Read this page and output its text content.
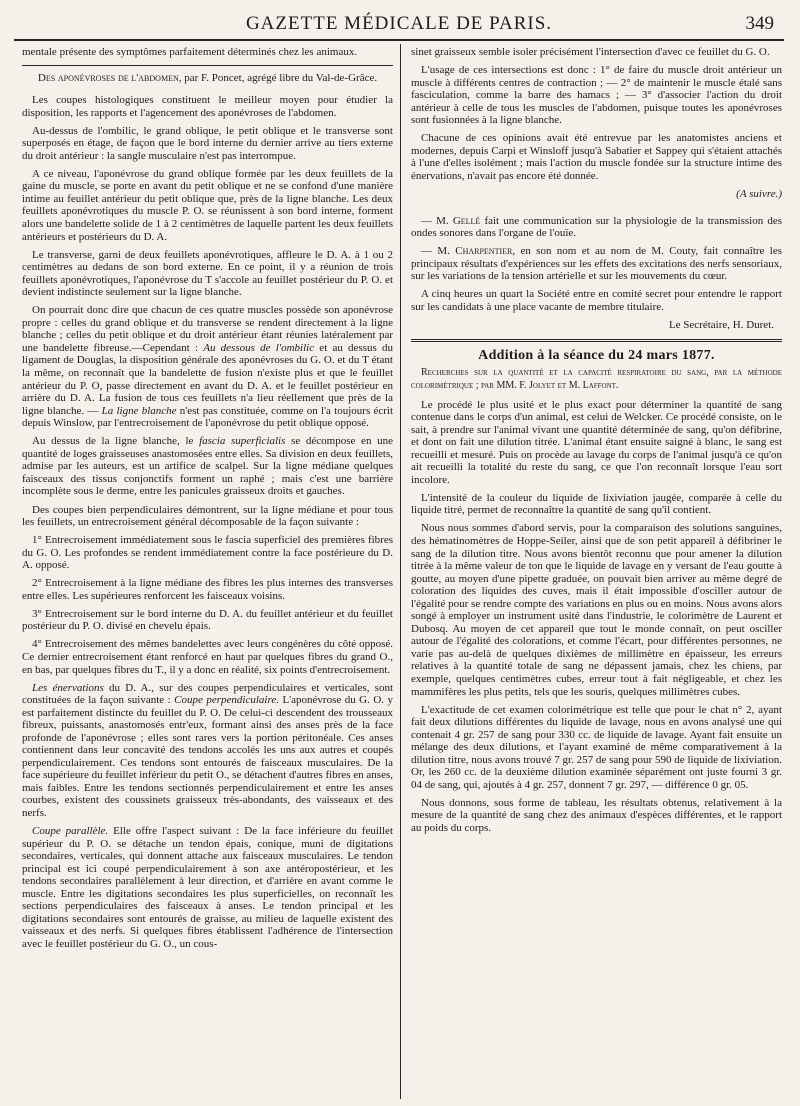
GAZETTE MÉDICALE DE PARIS.	349

mentale présente des symptômes parfaitement déterminés chez les animaux.

Des aponévroses de l'abdomen, par F. Poncet, agrégé libre du Val-de-Grâce.

Les coupes histologiques constituent le meilleur moyen pour étudier la disposition, les rapports et l'agencement des aponévroses de l'abdomen.

Au-dessus de l'ombilic, le grand oblique, le petit oblique et le transverse sont superposés en étage, de façon que le bord interne du dernier arrive au tiers externe du droit antérieur : la sangle musculaire n'est pas interrompue.

A ce niveau, l'aponévrose du grand oblique formée par les deux feuillets de la gaine du muscle, se porte en avant du petit oblique et ne se confond d'une manière intime au feuillet antérieur du petit oblique que, près de la ligne blanche. Les deux feuillets aponévrotiques du muscle P. O. se réunissent à son bord interne, forment alors une bandelette solide de 1 à 2 centimètres de laquelle partent les deux feuillets antérieurs et postérieurs du D. A.

Le transverse, garni de deux feuillets aponévrotiques, affleure le D. A. à 1 ou 2 centimètres au dedans de son bord externe. En ce point, il y a réunion de trois feuillets aponévrotiques, l'aponévrose du T s'accole au feuillet postérieur du P. O. et devient indistincte seulement sur la ligne blanche.

On pourrait donc dire que chacun de ces quatre muscles possède son aponévrose propre : celles du grand oblique et du transverse se rendent directement à la ligne blanche ; celles du petit oblique et du droit antérieur étant réunies latéralement par une bandelette fibreuse.—Cependant : Au dessous de l'ombilic et au dessus du ligament de Douglas, la disposition générale des aponévroses du G. O. et du T étant la même, on reconnaît que la bandelette de fusion n'existe plus et que le feuillet antérieur du P. O, passe directement en avant du D. A. et le feuillet postérieur en arrière du D. A. La fusion de tous ces feuillets n'a lieu réellement que près de la ligne blanche. — La ligne blanche n'est pas constituée, comme on l'a toujours écrit depuis Winslow, par l'entrecroisement de l'aponévrose du petit oblique opposé.

Au dessus de la ligne blanche, le fascia superficialis se décompose en une quantité de loges graisseuses anastomosées entre elles. Sa division en deux feuillets, admise par les auteurs, est un artifice de scalpel. Sur la ligne médiane quelques faisceaux des tissus conjonctifs forment un raphé ; mais c'est une barrière incomplète sous le derme, entre les panicules graisseux droits et gauches.

Des coupes bien perpendiculaires démontrent, sur la ligne médiane et pour tous les feuillets, un entrecroisement général décomposable de la façon suivante :

1° Entrecroisement immédiatement sous le fascia superficiel des premières fibres du G. O. Les profondes se rendent immédiatement contre la face postérieure du D. A. opposé.

2° Entrecroisement à la ligne médiane des fibres les plus internes des transverses entre elles. Les supérieures renforcent les faisceaux voisins.

3° Entrecroisement sur le bord interne du D. A. du feuillet antérieur et du feuillet postérieur du P. O. divisé en chevelu épais.

4° Entrecroisement des mêmes bandelettes avec leurs congénères du côté opposé. Ce dernier entrecroisement étant renforcé en haut par quelques fibres du grand O., en bas, par quelques fibres du T., il y a donc en réalité, six points d'entrecroisement.

Les énervations du D. A., sur des coupes perpendiculaires et verticales, sont constituées de la façon suivante : Coupe perpendiculaire. L'aponévrose du G. O. y est parfaitement distincte du feuillet du P. O. De celui-ci descendent des trousseaux fibreux, puissants, anastomosés entr'eux, formant ainsi des anses près de la face profonde de l'aponévrose ; elles sont rares vers la portion péritonéale. Ces anses contiennent dans leur concavité des tendons accolés les uns aux autres et coupés perpendiculairement. Ces tendons sont entourés de faisceaux musculaires. De la face supérieure du feuillet inférieur du petit O., se détachent d'autres fibres en anses, mais faibles. Entre les tendons sectionnés perpendiculairement et entre les anses courbes, existent des coussinets graisseux très-abondants, des vaisseaux et des nerfs.

Coupe parallèle. Elle offre l'aspect suivant : De la face inférieure du feuillet supérieur du P. O. se détache un tendon épais, conique, muni de digitations secondaires, verticales, qui donnent attache aux faisceaux musculaires. Le tendon principal est ici coupé perpendiculairement à son axe antéropostérieur, et les tendons secondaires parallèlement à leur direction, et d'arrière en avant comme le muscle. Entre les digitations secondaires les plus superficielles, on reconnaît les sections perpendiculaires des faisceaux à anses. Le tendon principal et les digitations secondaires sont entourés de graisse, au milieu de laquelle existent des vaisseaux et des nerfs. Si quelques fibres établissent l'adhérence de l'intersection avec le feuillet postérieur du G. O., un cous-

sinet graisseux semble isoler précisément l'intersection d'avec ce feuillet du G. O.

L'usage de ces intersections est donc : 1° de faire du muscle droit antérieur un muscle à différents centres de contraction ; — 2° de maintenir le muscle étalé sans fasciculation, comme la barre des hamacs ; — 3° d'associer l'action du droit antérieur à celle de tous les muscles de l'abdomen, puisque toutes les aponévroses sont fusionnées à la ligne blanche.

Chacune de ces opinions avait été entrevue par les anatomistes anciens et modernes, depuis Carpi et Winsloff jusqu'à Sabatier et Sappey qui s'étaient attachés à l'une d'elles isolément ; mais l'action du muscle fondée sur la structure intime des énervations, n'avait pas encore été donnée.

(A suivre.)

— M. Gellé fait une communication sur la physiologie de la transmission des ondes sonores dans l'organe de l'ouïe.

— M. Charpentier, en son nom et au nom de M. Couty, fait connaître les principaux résultats d'expériences sur les effets des excitations des nerfs sensoriaux, sur les variations de la tension artérielle et sur les mouvements du cœur.

A cinq heures un quart la Société entre en comité secret pour entendre le rapport sur les candidats à une place vacante de membre titulaire.

Le Secrétaire, H. Duret.
Addition à la séance du 24 mars 1877.

Recherches sur la quantité et la capacité respiratoire du sang, par la méthode colorimétrique ; par MM. F. Jolyet et M. Laffont.

Le procédé le plus usité et le plus exact pour déterminer la quantité de sang contenue dans le corps d'un animal, est celui de Welcker. Ce procédé consiste, on le sait, à prendre sur l'animal vivant une quantité déterminée de sang, qu'on défibrine, et dont on fait une dilution titrée. L'animal étant ensuite saigné à blanc, le sang est recueilli et mesuré. Puis on procède au lavage du corps de l'animal jusqu'à ce qu'on ait recueilli la totalité du reste du sang, ce que l'on reconnaît lorsque l'eau sort incolore.

L'intensité de la couleur du liquide de lixiviation jaugée, comparée à celle du liquide titré, permet de reconnaître la quantité de sang qu'il contient.

Nous nous sommes d'abord servis, pour la comparaison des solutions sanguines, des hématinomètres de Hoppe-Seiler, ainsi que de son petit appareil à défibriner le sang de la dilution titre. Nous avons bientôt reconnu que pour amener la dilution titrée à la même valeur de ton que le liquide de lavage en y versant de l'eau goutte à goutte, au moyen d'une pipette graduée, on pouvait bien arriver au même degré de coloration des liquides des cuves, mais il était impossible d'osciller autour de l'égalité pour se rendre compte des variations en plus ou en moins. Nous avons alors songé à employer un instrument usité dans l'industrie, le colorimètre de Laurent et Dubosq. Au moyen de cet appareil que tout le monde connaît, on peut osciller autour de l'égalité des colorations, et comme l'écart, pour différentes personnes, ne varie pas au-delà de quelques dixièmes de millimètre en épaisseur, les erreurs relatives à la quantité totale de sang ne dépassent jamais, chez les chiens, par exemple, quelques centimètres cubes, erreur tout à fait négligeable, et chez les mammifères les plus petits, tels que les souris, quelques millimètres cubes.

L'exactitude de cet examen colorimétrique est telle que pour le chat n° 2, ayant fait deux dilutions différentes du liquide de lavage, nous en avons analysé une qui contenait 4 gr. 257 de sang pour 330 cc. de liquide de lavage. Ayant fait ensuite un mélange des deux dilutions, et l'ayant examiné de même comparativement à la dilution titre, nous avons trouvé 7 gr. 257 de sang pour 590 de liquide de lixiviation. Or, les 260 cc. de la deuxième dilution examinée séparément ont juste fourni 3 gr. 04 de sang, qui, ajoutés à 4 gr. 257, donnent 7 gr. 297, — différence 0 gr. 05.

Nous donnons, sous forme de tableau, les résultats obtenus, relativement à la mesure de la quantité de sang chez des animaux d'espèces différentes, et le rapport au poids du corps.
